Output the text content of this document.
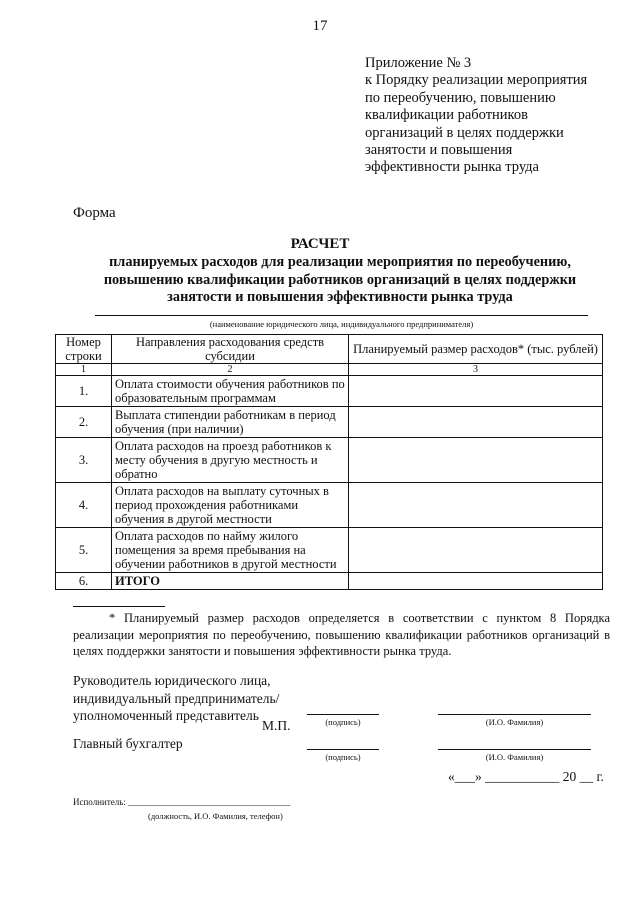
17
Приложение № 3
к Порядку реализации мероприятия
по переобучению, повышению
квалификации работников
организаций в целях поддержки
занятости и повышения
эффективности рынка труда
Форма
РАСЧЕТ
планируемых расходов для реализации мероприятия по переобучению,
повышению квалификации работников организаций в целях поддержки
занятости и повышения эффективности рынка труда
(наименование юридического лица, индивидуального предпринимателя)
Номер строки	Направления расходования средств субсидии	Планируемый размер расходов* (тыс. рублей)
1	2	3
1.	Оплата стоимости обучения работников по образовательным программам	
2.	Выплата стипендии работникам в период обучения (при наличии)	
3.	Оплата расходов на проезд работников к месту обучения в другую местность и обратно	
4.	Оплата расходов на выплату суточных в период прохождения работниками обучения в другой местности	
5.	Оплата расходов по найму жилого помещения за время пребывания на обучении работников в другой местности	
6.	ИТОГО	
* Планируемый размер расходов определяется в соответствии с пунктом 8 Порядка реализации мероприятия по переобучению, повышению квалификации работников организаций в целях поддержки занятости и повышения эффективности рынка труда.
Руководитель юридического лица,
индивидуальный предприниматель/
уполномоченный представитель
М.П.	(подпись)	(И.О. Фамилия)
Главный бухгалтер
(подпись)	(И.О. Фамилия)
«___» ___________ 20 __ г.
Исполнитель: ____________________________________
(должность, И.О. Фамилия, телефон)
